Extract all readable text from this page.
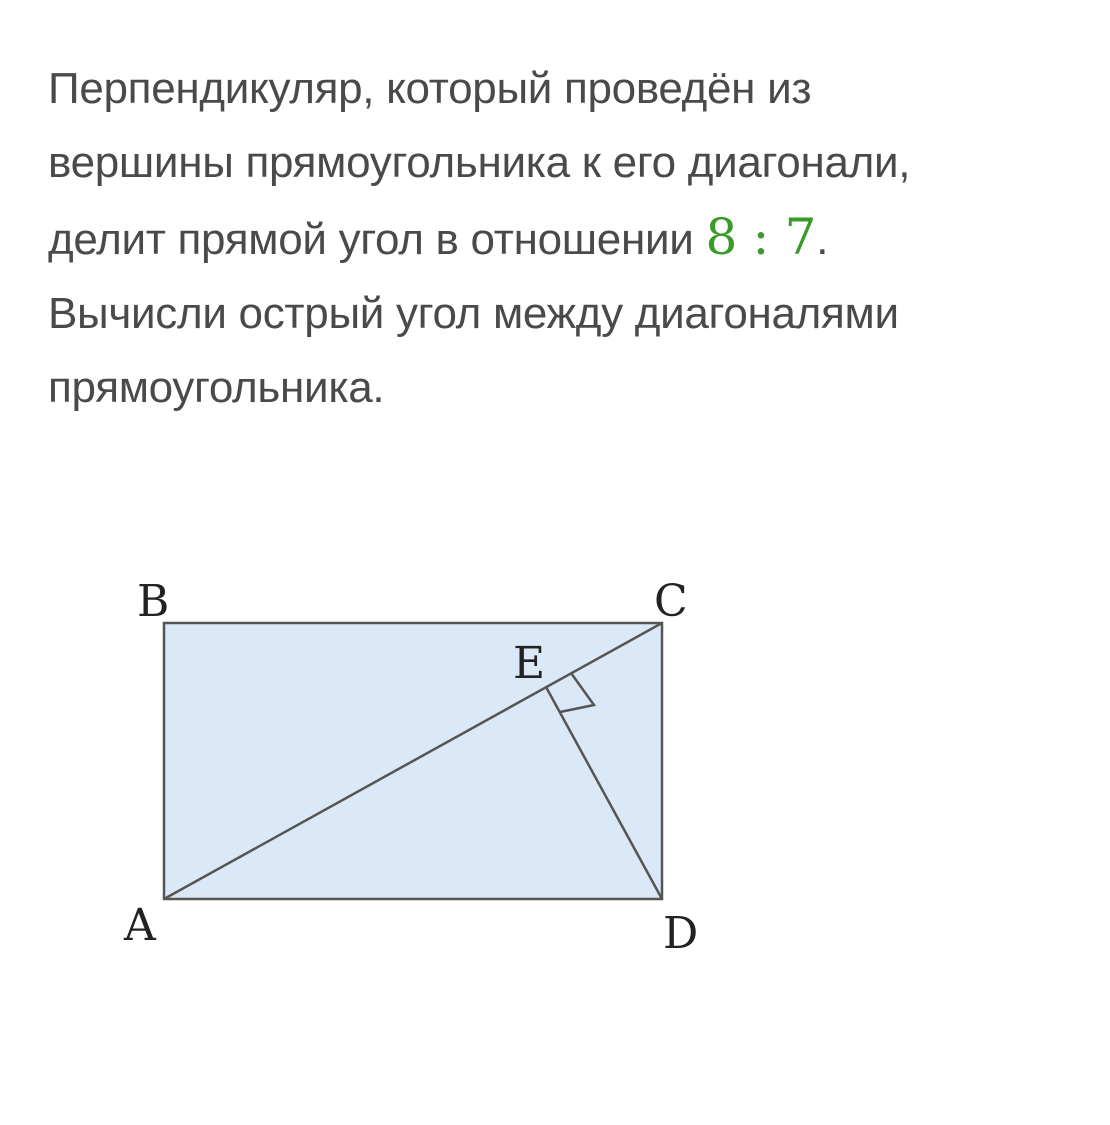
Перпендикуляр, который проведён из
вершины прямоугольника к его диагонали,
делит прямой угол в отношении 8 : 7.
Вычисли острый угол между диагоналями
прямоугольника.

B	C
E
A	D
